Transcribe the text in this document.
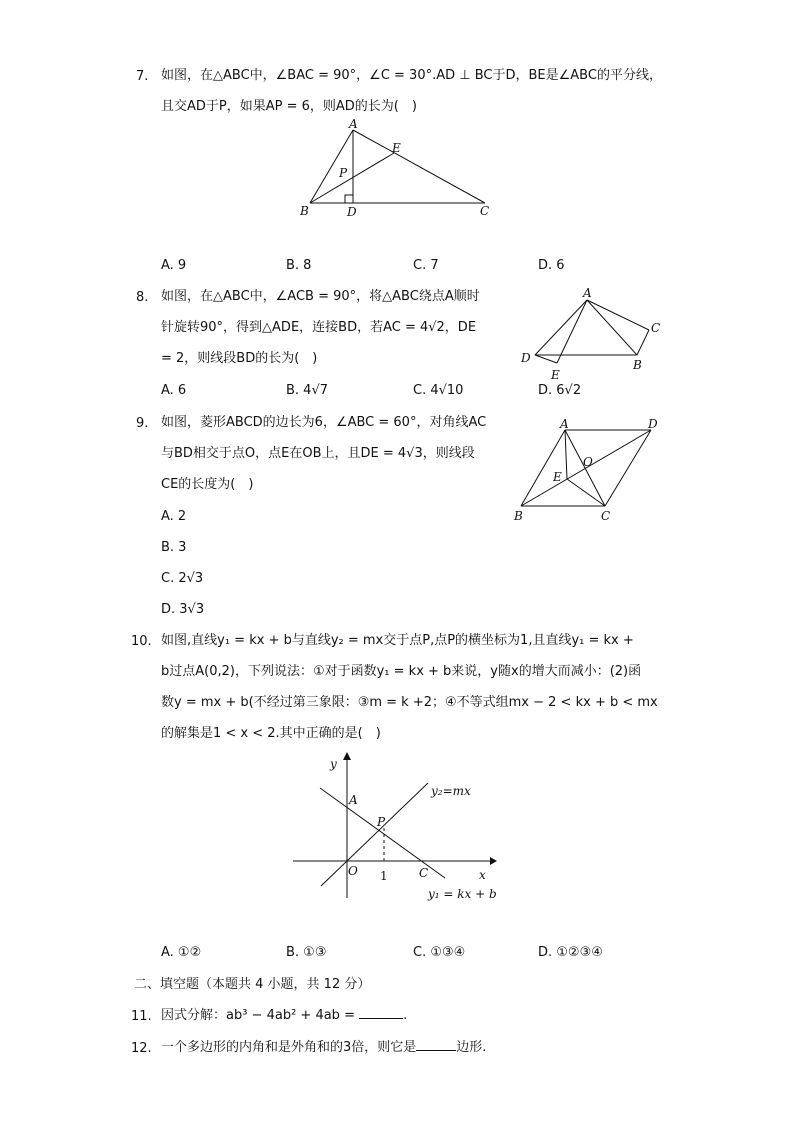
7. 如图，在△ABC中，∠BAC = 90°，∠C = 30°.AD ⊥ BC于D，BE是∠ABC的平分线，
且交AD于P，如果AP = 6，则AD的长为(　)
A
B	C
D
E
P
A. 9	B. 8	C. 7	D. 6
8. 如图，在△ABC中，∠ACB = 90°，将△ABC绕点A顺时
针旋转90°，得到△ADE，连接BD，若AC = 4√2，DE
= 2，则线段BD的长为(　)
A
C
D	B
E
A. 6	B. 4√7	C. 4√10	D. 6√2
9. 如图，菱形ABCD的边长为6，∠ABC = 60°，对角线AC
与BD相交于点O，点E在OB上，且DE = 4√3，则线段
CE的长度为(　)
A	D
O
E
B	C
A. 2
B. 3
C. 2√3
D. 3√3
10. 如图,直线y₁ = kx + b与直线y₂ = mx交于点P,点P的横坐标为1,且直线y₁ = kx +
b过点A(0,2)，下列说法：①对于函数y₁ = kx + b来说，y随x的增大而减小：(2)函
数y = mx + b(不经过第三象限：③m = k +2；④不等式组mx − 2 < kx + b < mx
的解集是1 < x < 2.其中正确的是(　)
y
x
A
P
O 1	C
y₂=mx
y₁ = kx + b
A. ①②	B. ①③	C. ①③④	D. ①②③④
二、填空题（本题共 4 小题，共 12 分）
11. 因式分解：ab³ − 4ab² + 4ab =	.
12. 一个多边形的内角和是外角和的3倍，则它是	边形.
